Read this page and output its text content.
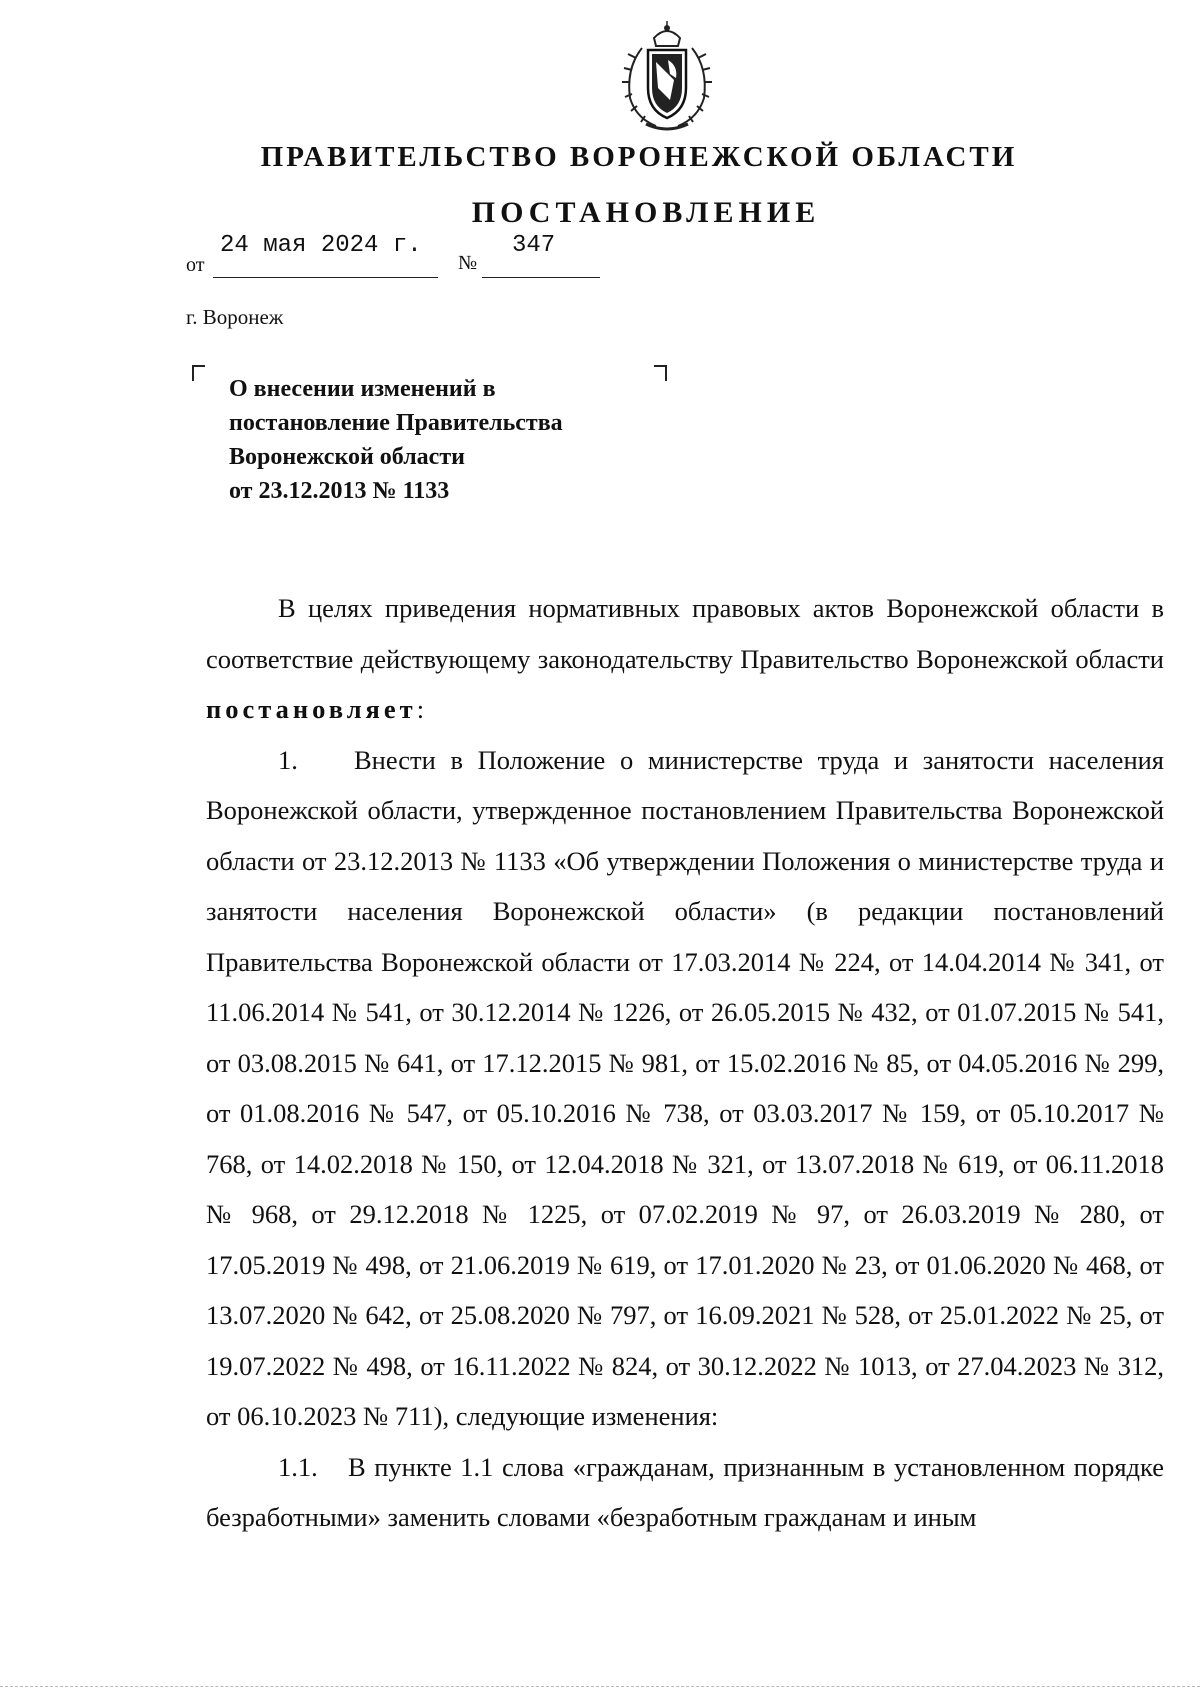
ПРАВИТЕЛЬСТВО ВОРОНЕЖСКОЙ ОБЛАСТИ
ПОСТАНОВЛЕНИЕ
от
24 мая 2024 г.
№
347
г. Воронеж
О внесении изменений в
постановление Правительства
Воронежской области
от 23.12.2013 № 1133

В целях приведения нормативных правовых актов Воронежской области в соответствие действующему законодательству Правительство Воронежской области постановляет:

1. Внести в Положение о министерстве труда и занятости населения Воронежской области, утвержденное постановлением Правительства Воронежской области от 23.12.2013 № 1133 «Об утверждении Положения о министерстве труда и занятости населения Воронежской области» (в редакции постановлений Правительства Воронежской области от 17.03.2014 № 224, от 14.04.2014 № 341, от 11.06.2014 № 541, от 30.12.2014 № 1226, от 26.05.2015 № 432, от 01.07.2015 № 541, от 03.08.2015 № 641, от 17.12.2015 № 981, от 15.02.2016 № 85, от 04.05.2016 № 299, от 01.08.2016 № 547, от 05.10.2016 № 738, от 03.03.2017 № 159, от 05.10.2017 № 768, от 14.02.2018 № 150, от 12.04.2018 № 321, от 13.07.2018 № 619, от 06.11.2018 № 968, от 29.12.2018 № 1225, от 07.02.2019 № 97, от 26.03.2019 № 280, от 17.05.2019 № 498, от 21.06.2019 № 619, от 17.01.2020 № 23, от 01.06.2020 № 468, от 13.07.2020 № 642, от 25.08.2020 № 797, от 16.09.2021 № 528, от 25.01.2022 № 25, от 19.07.2022 № 498, от 16.11.2022 № 824, от 30.12.2022 № 1013, от 27.04.2023 № 312, от 06.10.2023 № 711), следующие изменения:

1.1. В пункте 1.1 слова «гражданам, признанным в установленном порядке безработными» заменить словами «безработным гражданам и иным
